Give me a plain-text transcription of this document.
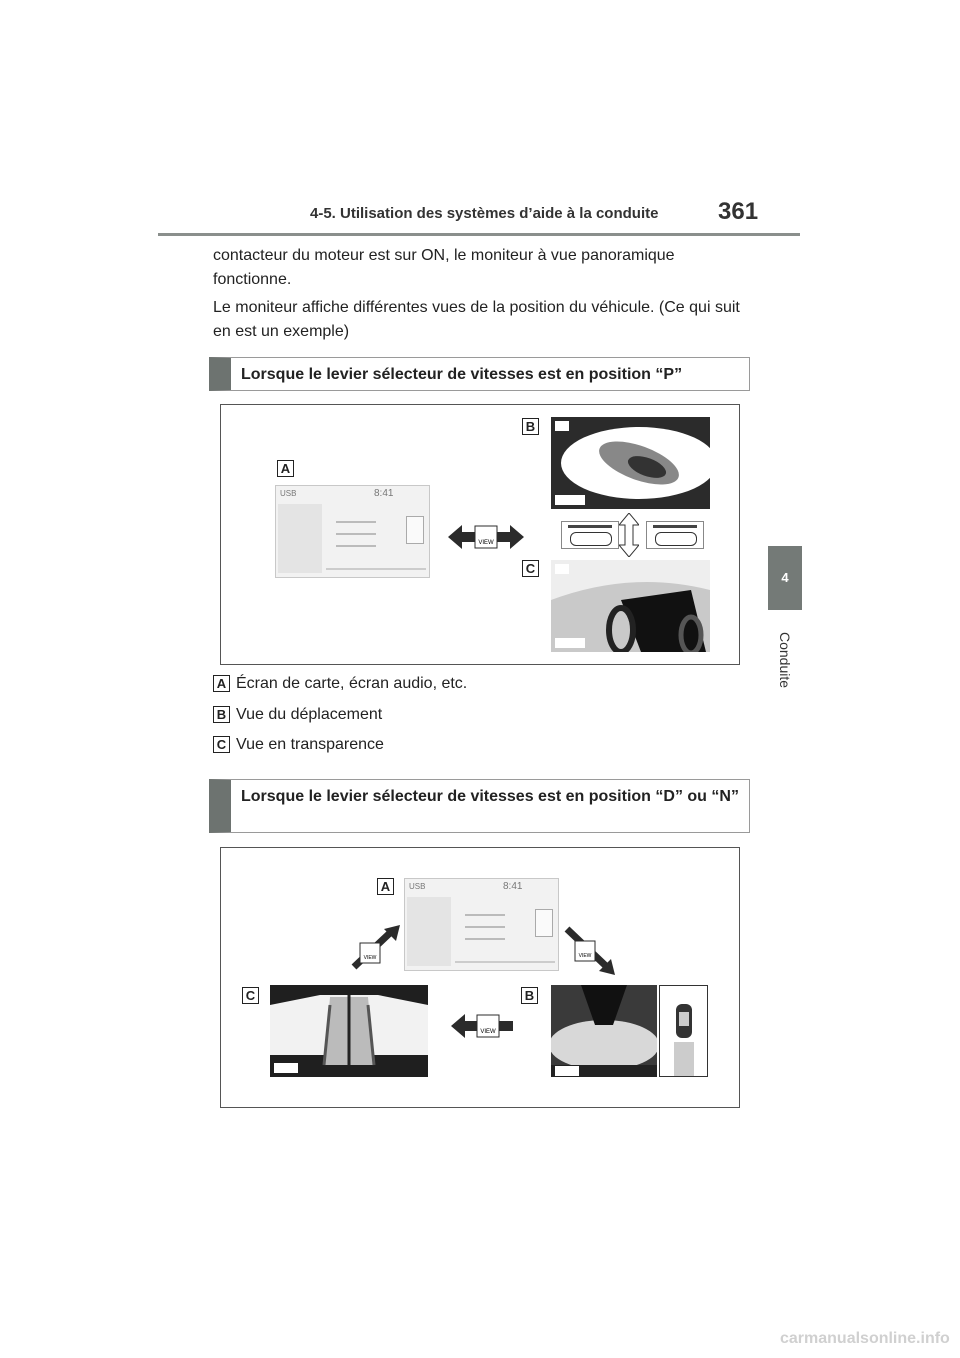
4-5. Utilisation des systèmes d’aide à la conduite 361
4
Conduite

contacteur du moteur est sur ON, le moniteur à vue panoramique fonctionne.

Le moniteur affiche différentes vues de la position du véhicule. (Ce qui suit en est un exemple)

Lorsque le levier sélecteur de vitesses est en position “P”
A
USB	8:41
VIEW
B
C
A Écran de carte, écran audio, etc.
B Vue du déplacement
C Vue en transparence
Lorsque le levier sélecteur de vitesses est en position “D” ou “N”
A	USB	8:41
VIEW	VIEW
C
VIEW
B
carmanualsonline.info
